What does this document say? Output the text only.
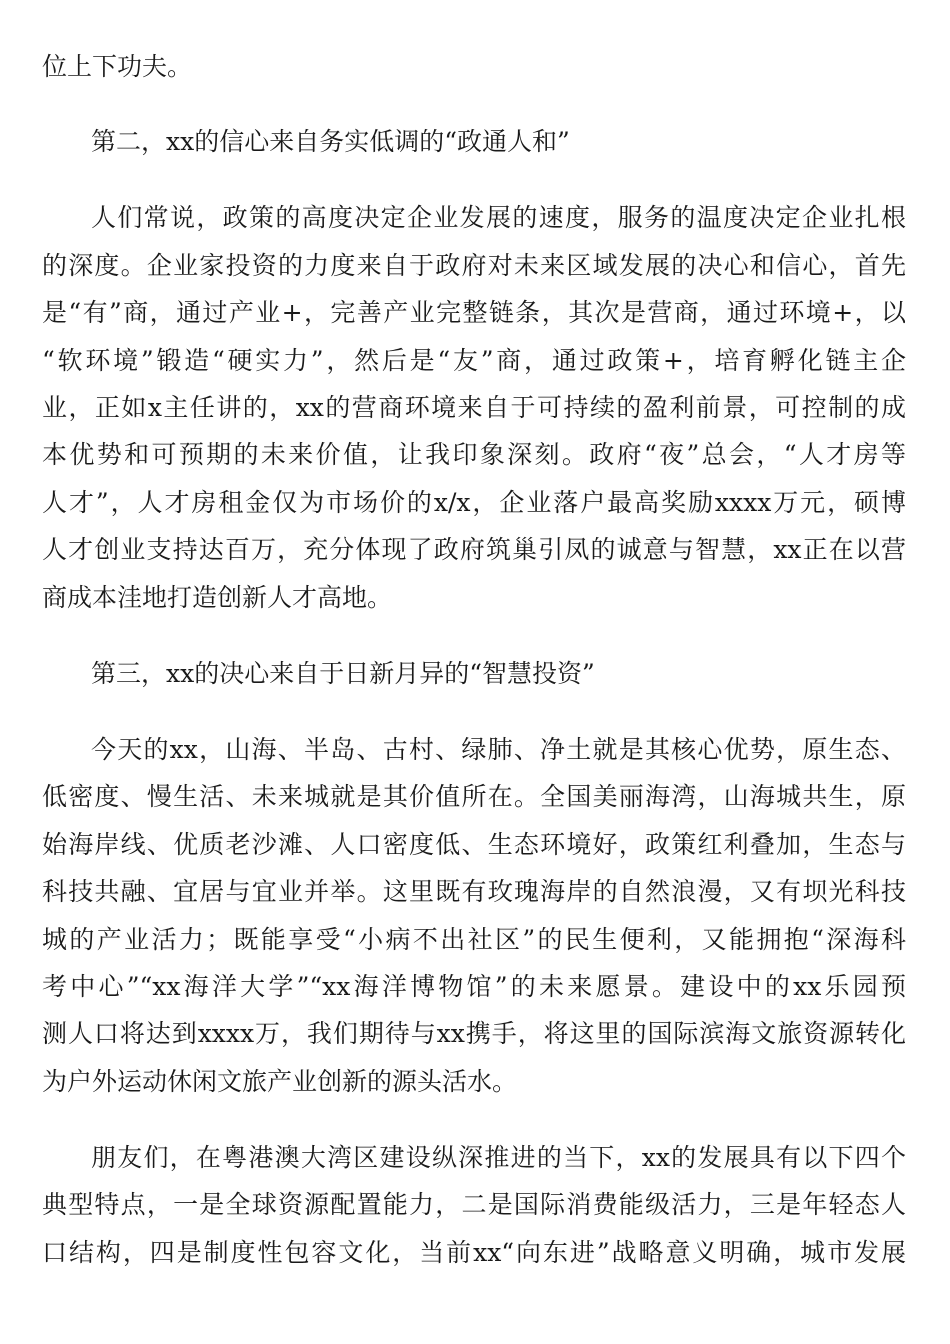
位上下功夫。
第二，xx的信心来自务实低调的“政通人和”
人们常说，政策的高度决定企业发展的速度，服务的温度决定企业扎根
的深度。企业家投资的力度来自于政府对未来区域发展的决心和信心，首先
是“有”商，通过产业+，完善产业完整链条，其次是营商，通过环境+，以
“软环境”锻造“硬实力”，然后是“友”商，通过政策+，培育孵化链主企
业，正如x主任讲的，xx的营商环境来自于可持续的盈利前景，可控制的成
本优势和可预期的未来价值，让我印象深刻。政府“夜”总会，“人才房等
人才”，人才房租金仅为市场价的x/x，企业落户最高奖励xxxx万元，硕博
人才创业支持达百万，充分体现了政府筑巢引凤的诚意与智慧，xx正在以营
商成本洼地打造创新人才高地。
第三，xx的决心来自于日新月异的“智慧投资”
今天的xx，山海、半岛、古村、绿肺、净土就是其核心优势，原生态、
低密度、慢生活、未来城就是其价值所在。全国美丽海湾，山海城共生，原
始海岸线、优质老沙滩、人口密度低、生态环境好，政策红利叠加，生态与
科技共融、宜居与宜业并举。这里既有玫瑰海岸的自然浪漫，又有坝光科技
城的产业活力；既能享受“小病不出社区”的民生便利，又能拥抱“深海科
考中心”“xx海洋大学”“xx海洋博物馆”的未来愿景。建设中的xx乐园预
测人口将达到xxxx万，我们期待与xx携手，将这里的国际滨海文旅资源转化
为户外运动休闲文旅产业创新的源头活水。
朋友们，在粤港澳大湾区建设纵深推进的当下，xx的发展具有以下四个
典型特点，一是全球资源配置能力，二是国际消费能级活力，三是年轻态人
口结构，四是制度性包容文化，当前xx“向东进”战略意义明确，城市发展
